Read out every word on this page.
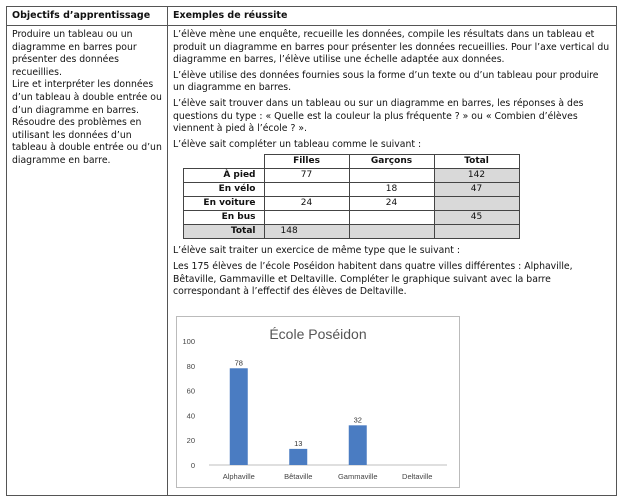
Objectifs d’apprentissage Exemples de réussite

Produire un tableau ou un diagramme en barres pour présenter des données recueillies.

Lire et interpréter les données d’un tableau à double entrée ou d’un diagramme en barres.

Résoudre des problèmes en utilisant les données d’un tableau à double entrée ou d’un diagramme en barre.

L’élève mène une enquête, recueille les données, compile les résultats dans un tableau et produit un diagramme en barres pour présenter les données recueillies. Pour l’axe vertical du diagramme en barres, l’élève utilise une échelle adaptée aux données.

L’élève utilise des données fournies sous la forme d’un texte ou d’un tableau pour produire un diagramme en barres.

L’élève sait trouver dans un tableau ou sur un diagramme en barres, les réponses à des questions du type : « Quelle est la couleur la plus fréquente ? » ou « Combien d’élèves viennent à pied à l’école ? ».

L’élève sait compléter un tableau comme le suivant :

	Filles	Garçons	Total
À pied	77		142
En vélo		18	47
En voiture	24	24	
En bus			45
Total	148		

L’élève sait traiter un exercice de même type que le suivant :

Les 175 élèves de l’école Poséidon habitent dans quatre villes différentes : Alphaville, Bêtaville, Gammaville et Deltaville. Compléter le graphique suivant avec la barre correspondant à l’effectif des élèves de Deltaville.

École Poséidon
0
20
40
60
80
100
78
Alphaville
13
Bêtaville
32
Gammaville	Deltaville
